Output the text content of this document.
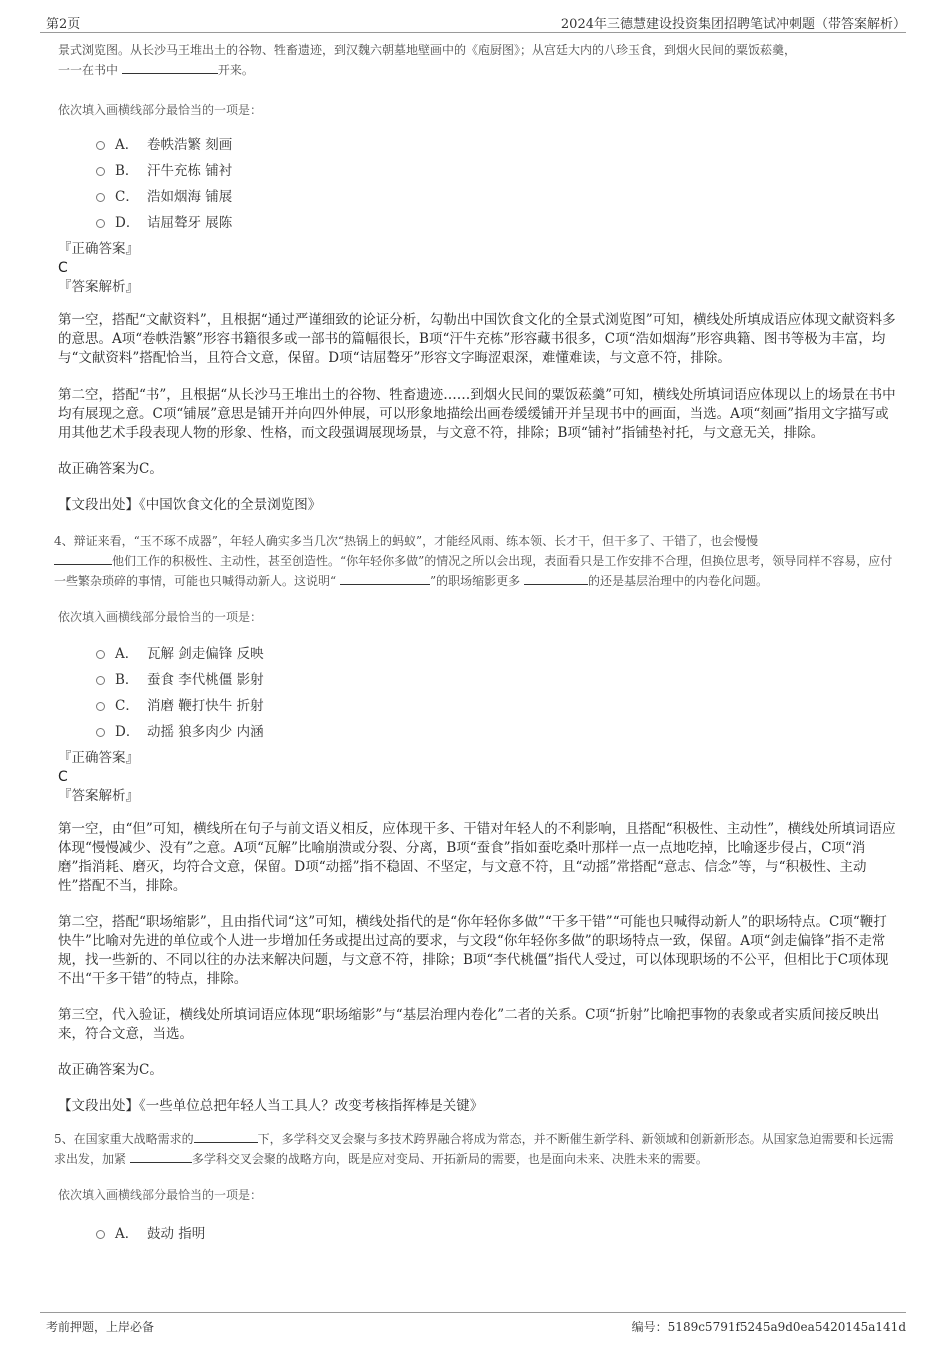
第2页	2024年三德慧建设投资集团招聘笔试冲刺题（带答案解析）

景式浏览图。从长沙马王堆出土的谷物、牲畜遗迹，到汉魏六朝墓地壁画中的《庖厨图》；从宫廷大内的八珍玉食，到烟火民间的粟饭菘羹，
一一在书中	开来。

依次填入画横线部分最恰当的一项是：
A． 卷帙浩繁 刻画
B． 汗牛充栋 铺衬
C． 浩如烟海 铺展
D． 诘屈聱牙 展陈
『正确答案』
C
『答案解析』

第一空，搭配“文献资料”，且根据“通过严谨细致的论证分析，勾勒出中国饮食文化的全景式浏览图”可知，横线处所填成语应体现文献资料多的意思。A项“卷帙浩繁”形容书籍很多或一部书的篇幅很长，B项“汗牛充栋”形容藏书很多，C项“浩如烟海”形容典籍、图书等极为丰富，均与“文献资料”搭配恰当，且符合文意，保留。D项“诘屈聱牙”形容文字晦涩艰深，难懂难读，与文意不符，排除。

第二空，搭配“书”，且根据“从长沙马王堆出土的谷物、牲畜遗迹……到烟火民间的粟饭菘羹”可知，横线处所填词语应体现以上的场景在书中均有展现之意。C项“铺展”意思是铺开并向四外伸展，可以形象地描绘出画卷缓缓铺开并呈现书中的画面，当选。A项“刻画”指用文字描写或用其他艺术手段表现人物的形象、性格，而文段强调展现场景，与文意不符，排除；B项“铺衬”指铺垫衬托，与文意无关，排除。

故正确答案为C。

【文段出处】《中国饮食文化的全景浏览图》

4、辩证来看，“玉不琢不成器”，年轻人确实多当几次“热锅上的蚂蚁”，才能经风雨、练本领、长才干，但干多了、干错了，也会慢慢
他们工作的积极性、主动性，甚至创造性。“你年轻你多做”的情况之所以会出现，表面看只是工作安排不合理，但换位思考，领导同样不容易，应付一些繁杂琐碎的事情，可能也只喊得动新人。这说明“	”的职场缩影更多	的还是基层治理中的内卷化问题。

依次填入画横线部分最恰当的一项是：
A． 瓦解 剑走偏锋 反映
B． 蚕食 李代桃僵 影射
C． 消磨 鞭打快牛 折射
D． 动摇 狼多肉少 内涵
『正确答案』
C
『答案解析』

第一空，由“但”可知，横线所在句子与前文语义相反，应体现干多、干错对年轻人的不利影响，且搭配“积极性、主动性”，横线处所填词语应体现“慢慢减少、没有”之意。A项“瓦解”比喻崩溃或分裂、分离，B项“蚕食”指如蚕吃桑叶那样一点一点地吃掉，比喻逐步侵占，C项“消磨”指消耗、磨灭，均符合文意，保留。D项“动摇”指不稳固、不坚定，与文意不符，且“动摇”常搭配“意志、信念”等，与“积极性、主动性”搭配不当，排除。

第二空，搭配“职场缩影”，且由指代词“这”可知，横线处指代的是“你年轻你多做”“干多干错”“可能也只喊得动新人”的职场特点。C项“鞭打快牛”比喻对先进的单位或个人进一步增加任务或提出过高的要求，与文段“你年轻你多做”的职场特点一致，保留。A项“剑走偏锋”指不走常规，找一些新的、不同以往的办法来解决问题，与文意不符，排除；B项“李代桃僵”指代人受过，可以体现职场的不公平，但相比于C项体现不出“干多干错”的特点，排除。

第三空，代入验证，横线处所填词语应体现“职场缩影”与“基层治理内卷化”二者的关系。C项“折射”比喻把事物的表象或者实质间接反映出来，符合文意，当选。

故正确答案为C。

【文段出处】《一些单位总把年轻人当工具人？改变考核指挥棒是关键》

5、在国家重大战略需求的	下，多学科交叉会聚与多技术跨界融合将成为常态，并不断催生新学科、新领域和创新新形态。从国家急迫需要和长远需求出发，加紧	多学科交叉会聚的战略方向，既是应对变局、开拓新局的需要，也是面向未来、决胜未来的需要。

依次填入画横线部分最恰当的一项是：
A． 鼓动 指明
考前押题，上岸必备	编号：5189c5791f5245a9d0ea5420145a141d
